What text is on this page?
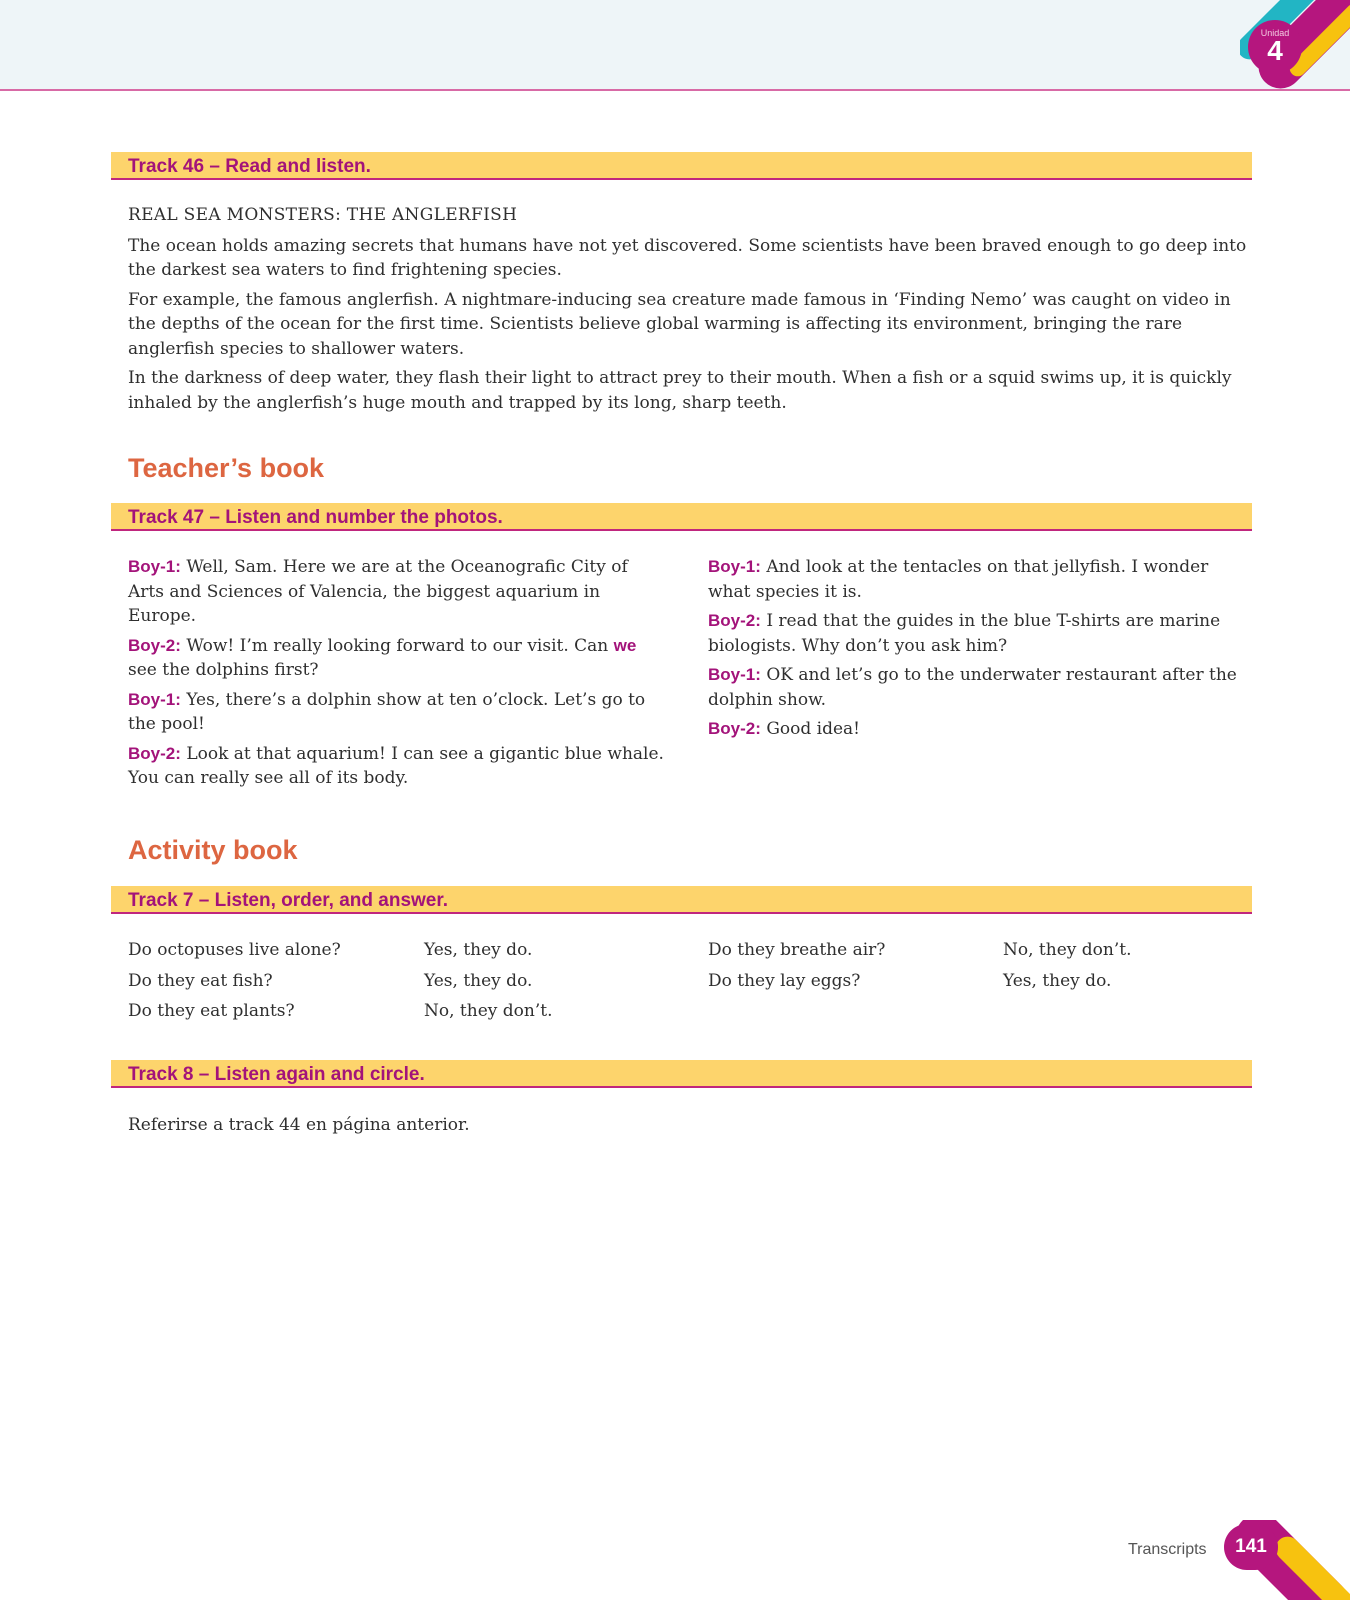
Unidad
4
Track 46 – Read and listen.

REAL SEA MONSTERS: THE ANGLERFISH

The ocean holds amazing secrets that humans have not yet discovered. Some scientists have been braved enough to go deep into the darkest sea waters to find frightening species.

For example, the famous anglerfish. A nightmare-inducing sea creature made famous in ‘Finding Nemo’ was caught on video in the depths of the ocean for the first time. Scientists believe global warming is affecting its environment, bringing the rare anglerfish species to shallower waters.

In the darkness of deep water, they flash their light to attract prey to their mouth. When a fish or a squid swims up, it is quickly inhaled by the anglerfish’s huge mouth and trapped by its long, sharp teeth.

Teacher’s book
Track 47 – Listen and number the photos.

Boy-1: Well, Sam. Here we are at the Oceanografic City of Arts and Sciences of Valencia, the biggest aquarium in Europe.

Boy-2: Wow! I’m really looking forward to our visit. Can we see the dolphins first?

Boy-1: Yes, there’s a dolphin show at ten o’clock. Let’s go to the pool!

Boy-2: Look at that aquarium! I can see a gigantic blue whale. You can really see all of its body.

Boy-1: And look at the tentacles on that jellyfish. I wonder what species it is.

Boy-2: I read that the guides in the blue T-shirts are marine biologists. Why don’t you ask him?

Boy-1: OK and let’s go to the underwater restaurant after the dolphin show.

Boy-2: Good idea!

Activity book
Track 7 – Listen, order, and answer.
Do octopuses live alone?
Do they eat fish?
Do they eat plants?
Yes, they do.
Yes, they do.
No, they don’t.
Do they breathe air?
Do they lay eggs?
No, they don’t.
Yes, they do.
Track 8 – Listen again and circle.
Referirse a track 44 en página anterior.
Transcripts	141
